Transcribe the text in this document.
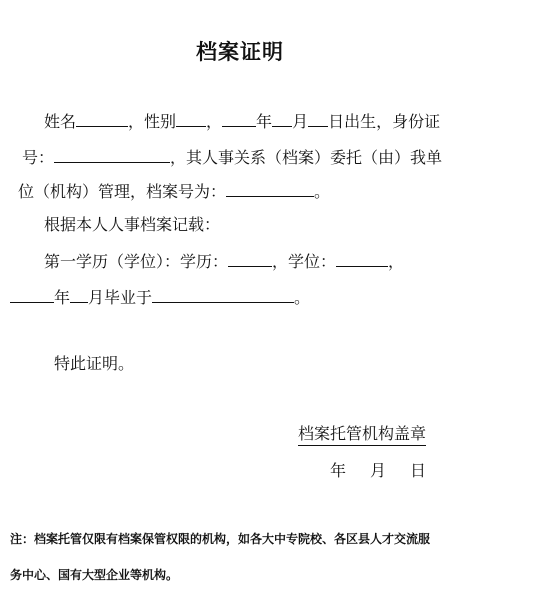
档案证明
姓名	，性别 ， 年 月 日出生，身份证
号：	，其人事关系（档案）委托（由）我单
位（机构）管理，档案号为：	。
根据本人人事档案记载：
第一学历（学位）：学历：	，学位：	，
年 月毕业于	。
特此证明。
档案托管机构盖章
年 月 日
注：档案托管仅限有档案保管权限的机构，如各大中专院校、各区县人才交流服
务中心、国有大型企业等机构。
